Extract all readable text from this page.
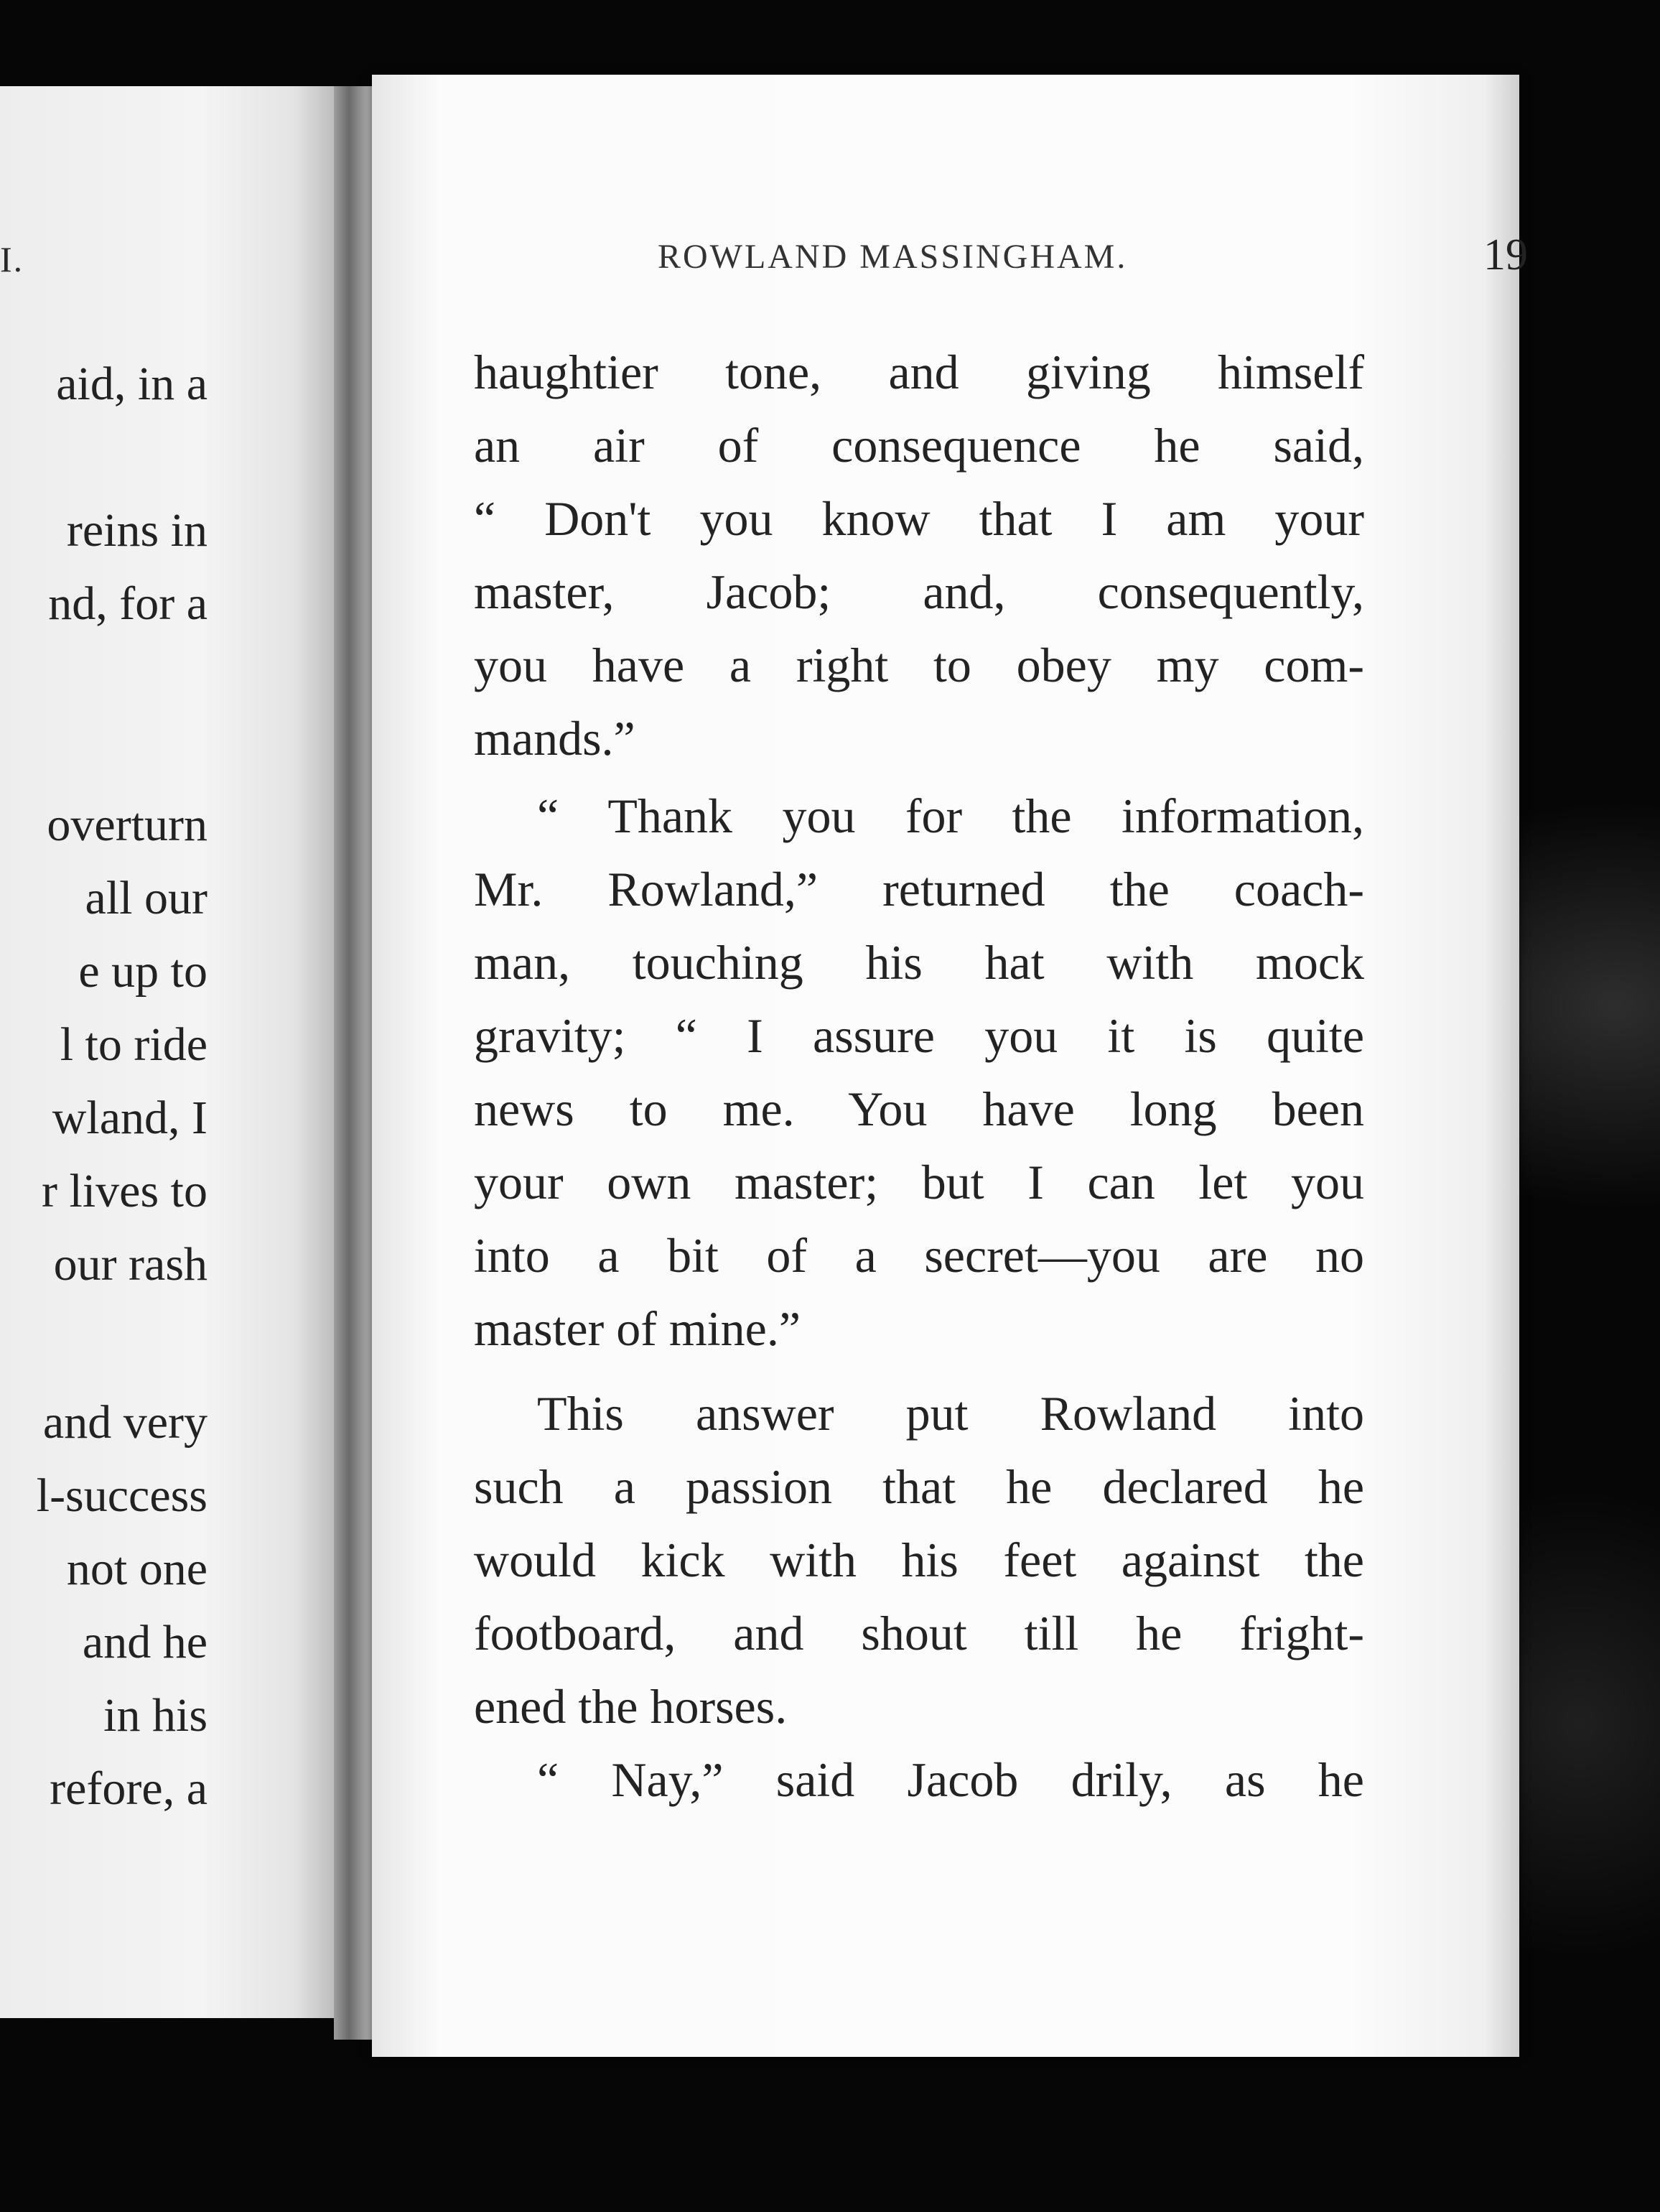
I.
aid, in a
reins in
nd, for a
overturn
all our
e up to
l to ride
wland, I
r lives to
our rash
and very
l-success
not one
and he
in his
refore, a
ROWLAND MASSINGHAM.	19
haughtier tone, and giving himself
an air of consequence he said,
“ Don't you know that I am your
master, Jacob; and, consequently,
you have a right to obey my com-
mands.”
“ Thank you for the information,
Mr. Rowland,” returned the coach-
man, touching his hat with mock
gravity; “ I assure you it is quite
news to me. You have long been
your own master; but I can let you
into a bit of a secret—you are no
master of mine.”
This answer put Rowland into
such a passion that he declared he
would kick with his feet against the
footboard, and shout till he fright-
ened the horses.
“ Nay,” said Jacob drily, as he
